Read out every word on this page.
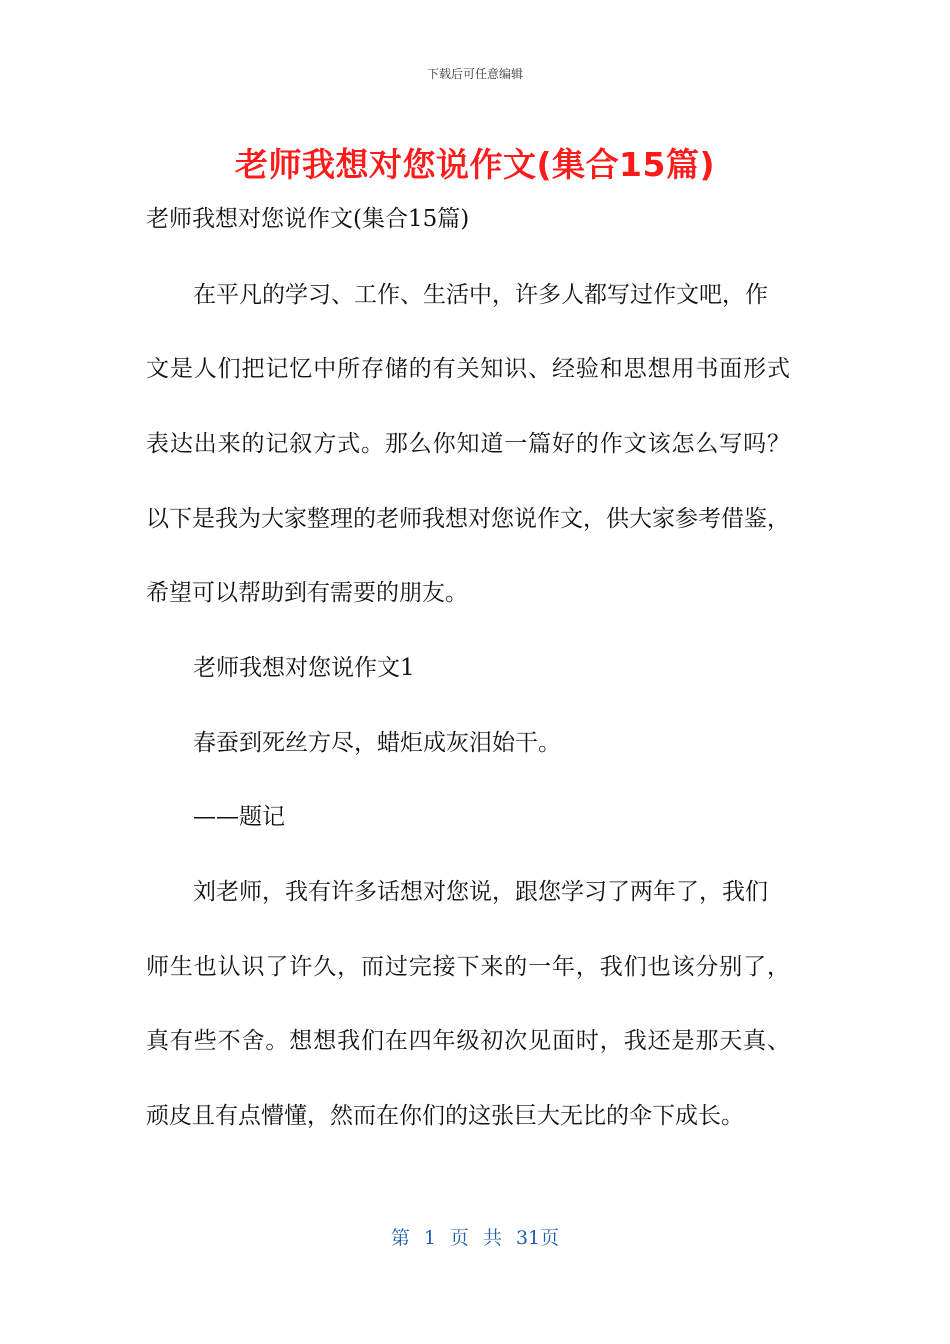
下载后可任意编辑
老师我想对您说作文(集合15篇)
老师我想对您说作文(集合15篇)
在平凡的学习、工作、生活中，许多人都写过作文吧，作
文是人们把记忆中所存储的有关知识、经验和思想用书面形式
表达出来的记叙方式。那么你知道一篇好的作文该怎么写吗？
以下是我为大家整理的老师我想对您说作文，供大家参考借鉴，
希望可以帮助到有需要的朋友。
老师我想对您说作文1
春蚕到死丝方尽，蜡炬成灰泪始干。
——题记
刘老师，我有许多话想对您说，跟您学习了两年了，我们
师生也认识了许久，而过完接下来的一年，我们也该分别了，
真有些不舍。想想我们在四年级初次见面时，我还是那天真、
顽皮且有点懵懂，然而在你们的这张巨大无比的伞下成长。
第 1 页 共 31页
